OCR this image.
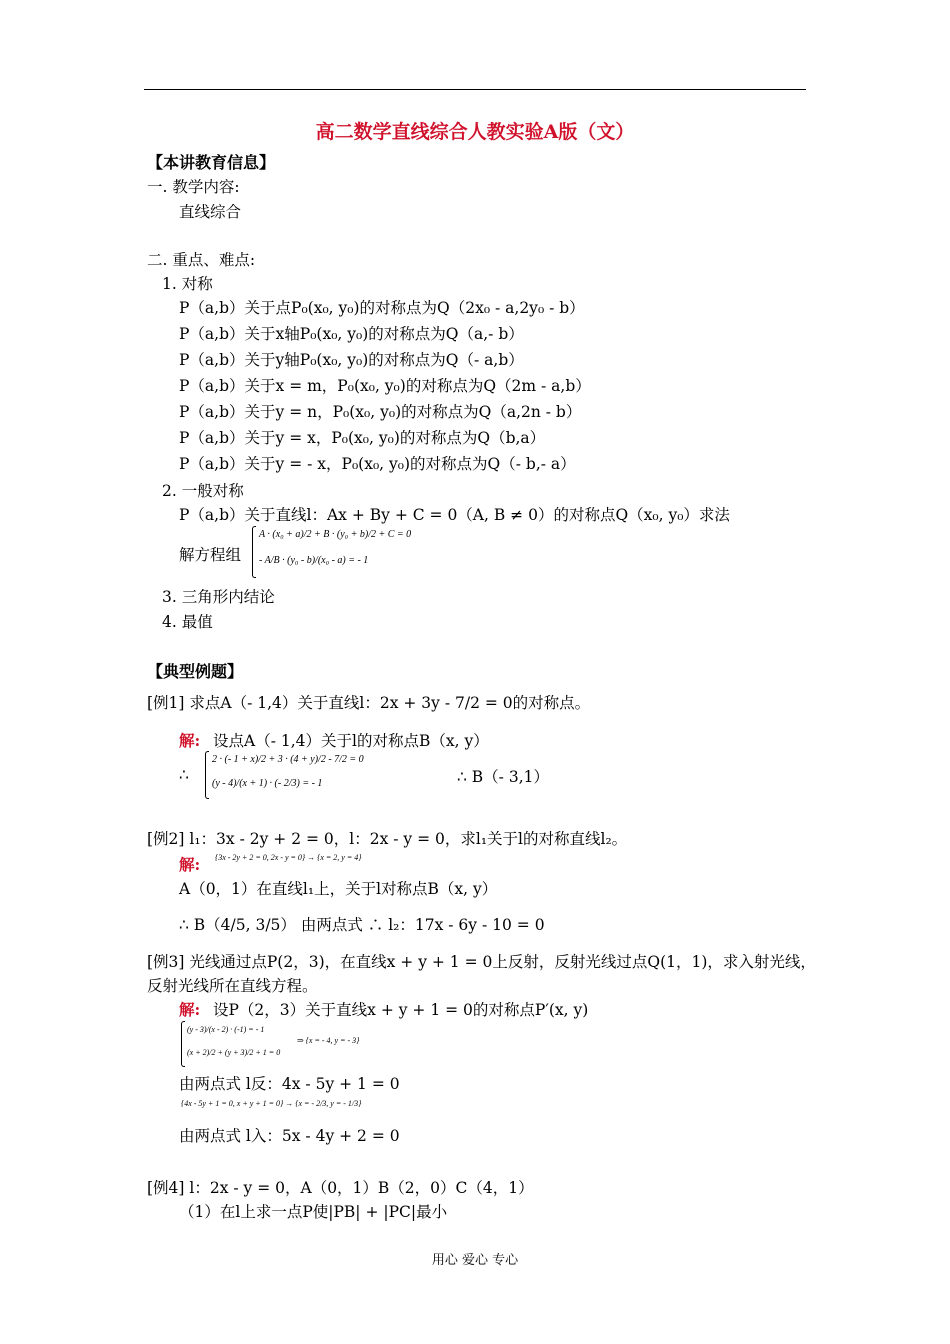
高二数学直线综合人教实验A版（文）
【本讲教育信息】
一. 教学内容:
直线综合
二. 重点、难点:
1. 对称
P（a,b）关于点P₀(x₀, y₀)的对称点为Q（2x₀ - a,2y₀ - b）
P（a,b）关于x轴P₀(x₀, y₀)的对称点为Q（a,- b）
P（a,b）关于y轴P₀(x₀, y₀)的对称点为Q（- a,b）
P（a,b）关于x = m，P₀(x₀, y₀)的对称点为Q（2m - a,b）
P（a,b）关于y = n，P₀(x₀, y₀)的对称点为Q（a,2n - b）
P（a,b）关于y = x，P₀(x₀, y₀)的对称点为Q（b,a）
P（a,b）关于y = - x，P₀(x₀, y₀)的对称点为Q（- b,- a）
2. 一般对称
P（a,b）关于直线l：Ax + By + C = 0（A, B ≠ 0）的对称点Q（x₀, y₀）求法
解方程组
A · (x₀ + a)/2 + B · (y₀ + b)/2 + C = 0
- A/B · (y₀ - b)/(x₀ - a) = - 1
3. 三角形内结论
4. 最值
【典型例题】
[例1] 求点A（- 1,4）关于直线l：2x + 3y - 7/2 = 0的对称点。
解: 设点A（- 1,4）关于l的对称点B（x, y）
∴
2 · (- 1 + x)/2 + 3 · (4 + y)/2 - 7/2 = 0
(y - 4)/(x + 1) · (- 2/3) = - 1	∴ B（- 3,1）
[例2] l₁：3x - 2y + 2 = 0，l：2x - y = 0，求l₁关于l的对称直线l₂。
解: {3x - 2y + 2 = 0, 2x - y = 0} → {x = 2, y = 4}
A（0，1）在直线l₁上，关于l对称点B（x, y）
∴ B（4/5, 3/5） 由两点式 ∴ l₂：17x - 6y - 10 = 0
[例3] 光线通过点P(2，3)，在直线x + y + 1 = 0上反射，反射光线过点Q(1，1)，求入射光线，
反射光线所在直线方程。
解: 设P（2，3）关于直线x + y + 1 = 0的对称点P′(x, y)
(y - 3)/(x - 2) · (-1) = - 1
(x + 2)/2 + (y + 3)/2 + 1 = 0
⇒ {x = - 4, y = - 3}
由两点式 l反：4x - 5y + 1 = 0
{4x - 5y + 1 = 0, x + y + 1 = 0} → {x = - 2/3, y = - 1/3}
由两点式 l入：5x - 4y + 2 = 0
[例4] l：2x - y = 0，A（0，1）B（2，0）C（4，1）
（1）在l上求一点P使|PB| + |PC|最小
用心 爱心 专心
